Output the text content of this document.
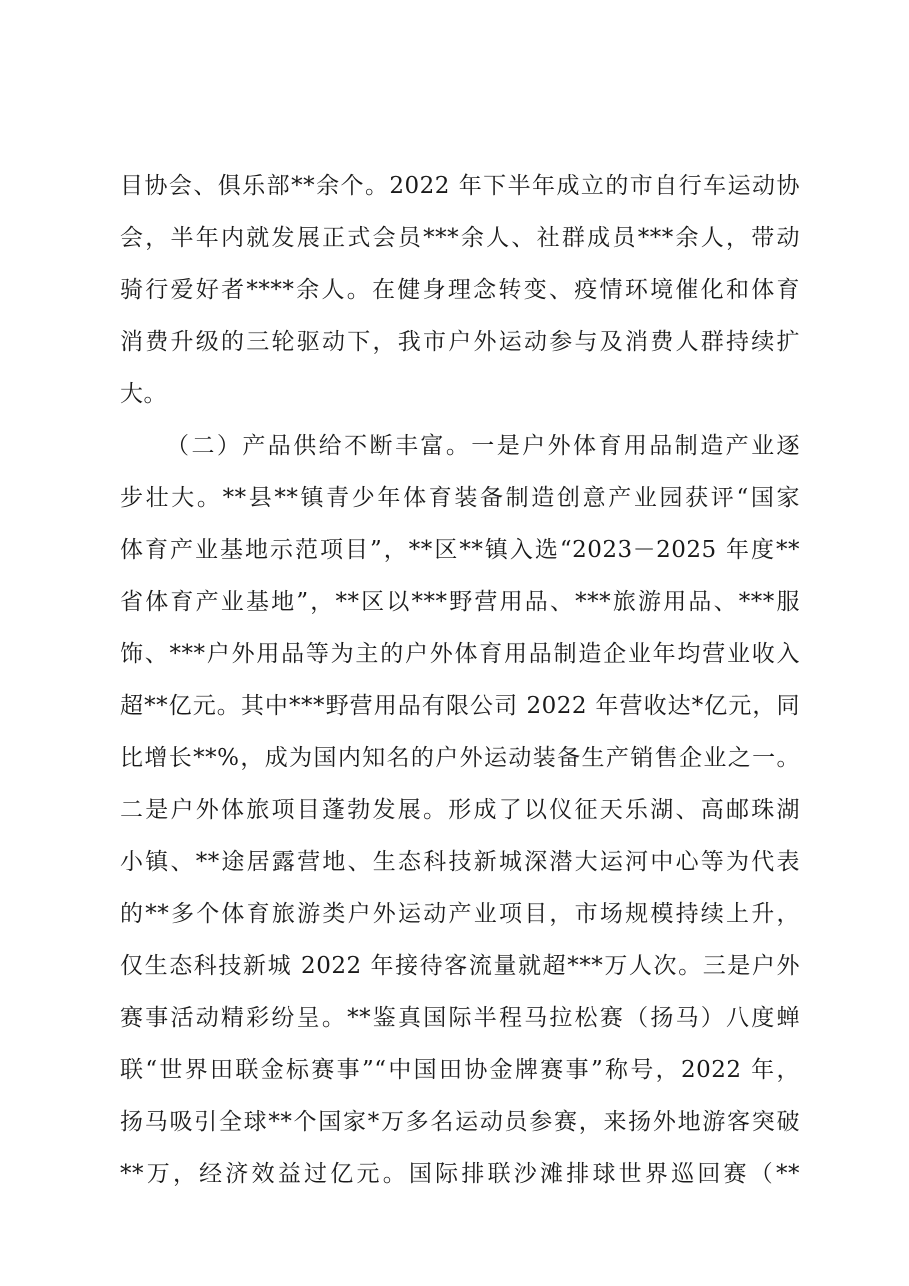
目协会、俱乐部**余个。2022 年下半年成立的市自行车运动协
会，半年内就发展正式会员***余人、社群成员***余人，带动
骑行爱好者****余人。在健身理念转变、疫情环境催化和体育
消费升级的三轮驱动下，我市户外运动参与及消费人群持续扩
大。
（二）产品供给不断丰富。一是户外体育用品制造产业逐
步壮大。**县**镇青少年体育装备制造创意产业园获评“国家
体育产业基地示范项目”，**区**镇入选“2023－2025 年度**
省体育产业基地”，**区以***野营用品、***旅游用品、***服
饰、***户外用品等为主的户外体育用品制造企业年均营业收入
超**亿元。其中***野营用品有限公司 2022 年营收达*亿元，同
比增长**%，成为国内知名的户外运动装备生产销售企业之一。
二是户外体旅项目蓬勃发展。形成了以仪征天乐湖、高邮珠湖
小镇、**途居露营地、生态科技新城深潜大运河中心等为代表
的**多个体育旅游类户外运动产业项目，市场规模持续上升，
仅生态科技新城 2022 年接待客流量就超***万人次。三是户外
赛事活动精彩纷呈。**鉴真国际半程马拉松赛（扬马）八度蝉
联“世界田联金标赛事”“中国田协金牌赛事”称号，2022 年，
扬马吸引全球**个国家*万多名运动员参赛，来扬外地游客突破
**万，经济效益过亿元。国际排联沙滩排球世界巡回赛（**
